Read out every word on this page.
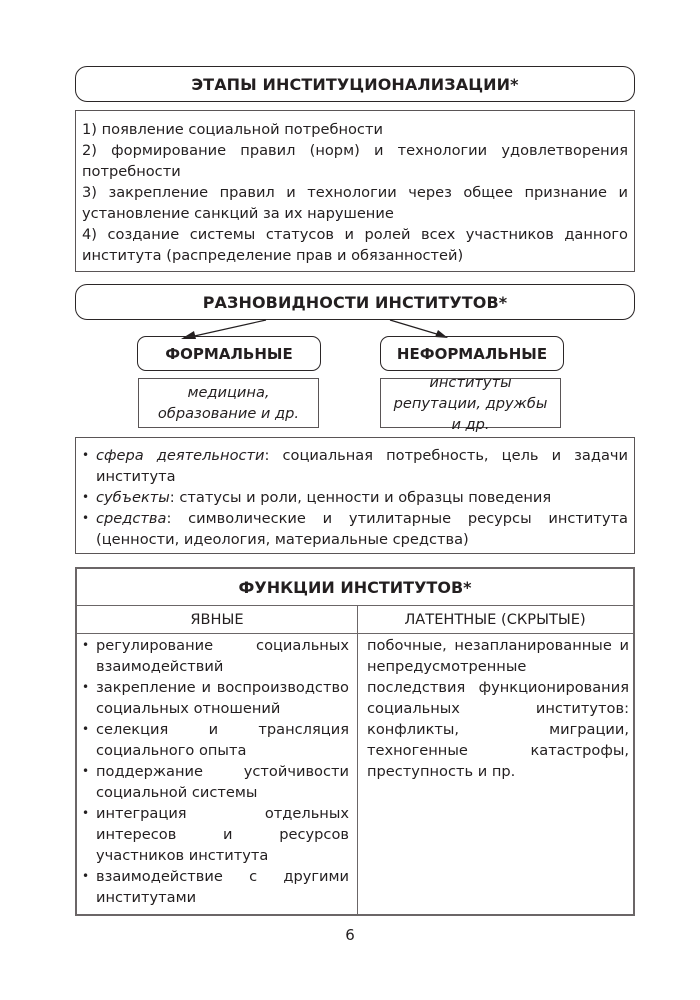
ЭТАПЫ ИНСТИТУЦИОНАЛИЗАЦИИ*

1) появление социальной потребности

2) формирование правил (норм) и технологии удовлетворения потребности

3) закрепление правил и технологии через общее признание и установление санкций за их нарушение

4) создание системы статусов и ролей всех участников данного института (распределение прав и обязанностей)

РАЗНОВИДНОСТИ ИНСТИТУТОВ*
ФОРМАЛЬНЫЕ	НЕФОРМАЛЬНЫЕ
медицина, образование и др.
институты репутации, дружбы и др.
• сфера деятельности: социальная потребность, цель и задачи института
• субъекты: статусы и роли, ценности и образцы поведения
• средства: символические и утилитарные ресурсы института (ценности, идеология, материальные средства)
ФУНКЦИИ ИНСТИТУТОВ*
ЯВНЫЕ	ЛАТЕНТНЫЕ (СКРЫТЫЕ)
• регулирование социальных взаимодействий
• закрепление и воспроизводство социальных отношений
• селекция и трансляция социального опыта
• поддержание устойчивости социальной системы
• интеграция отдельных интересов и ресурсов участников института
• взаимодействие с другими институтами

побочные, незапланированные и непредусмотренные последствия функционирования социальных институтов: конфликты, миграции, техногенные катастрофы, преступность и пр.

6
